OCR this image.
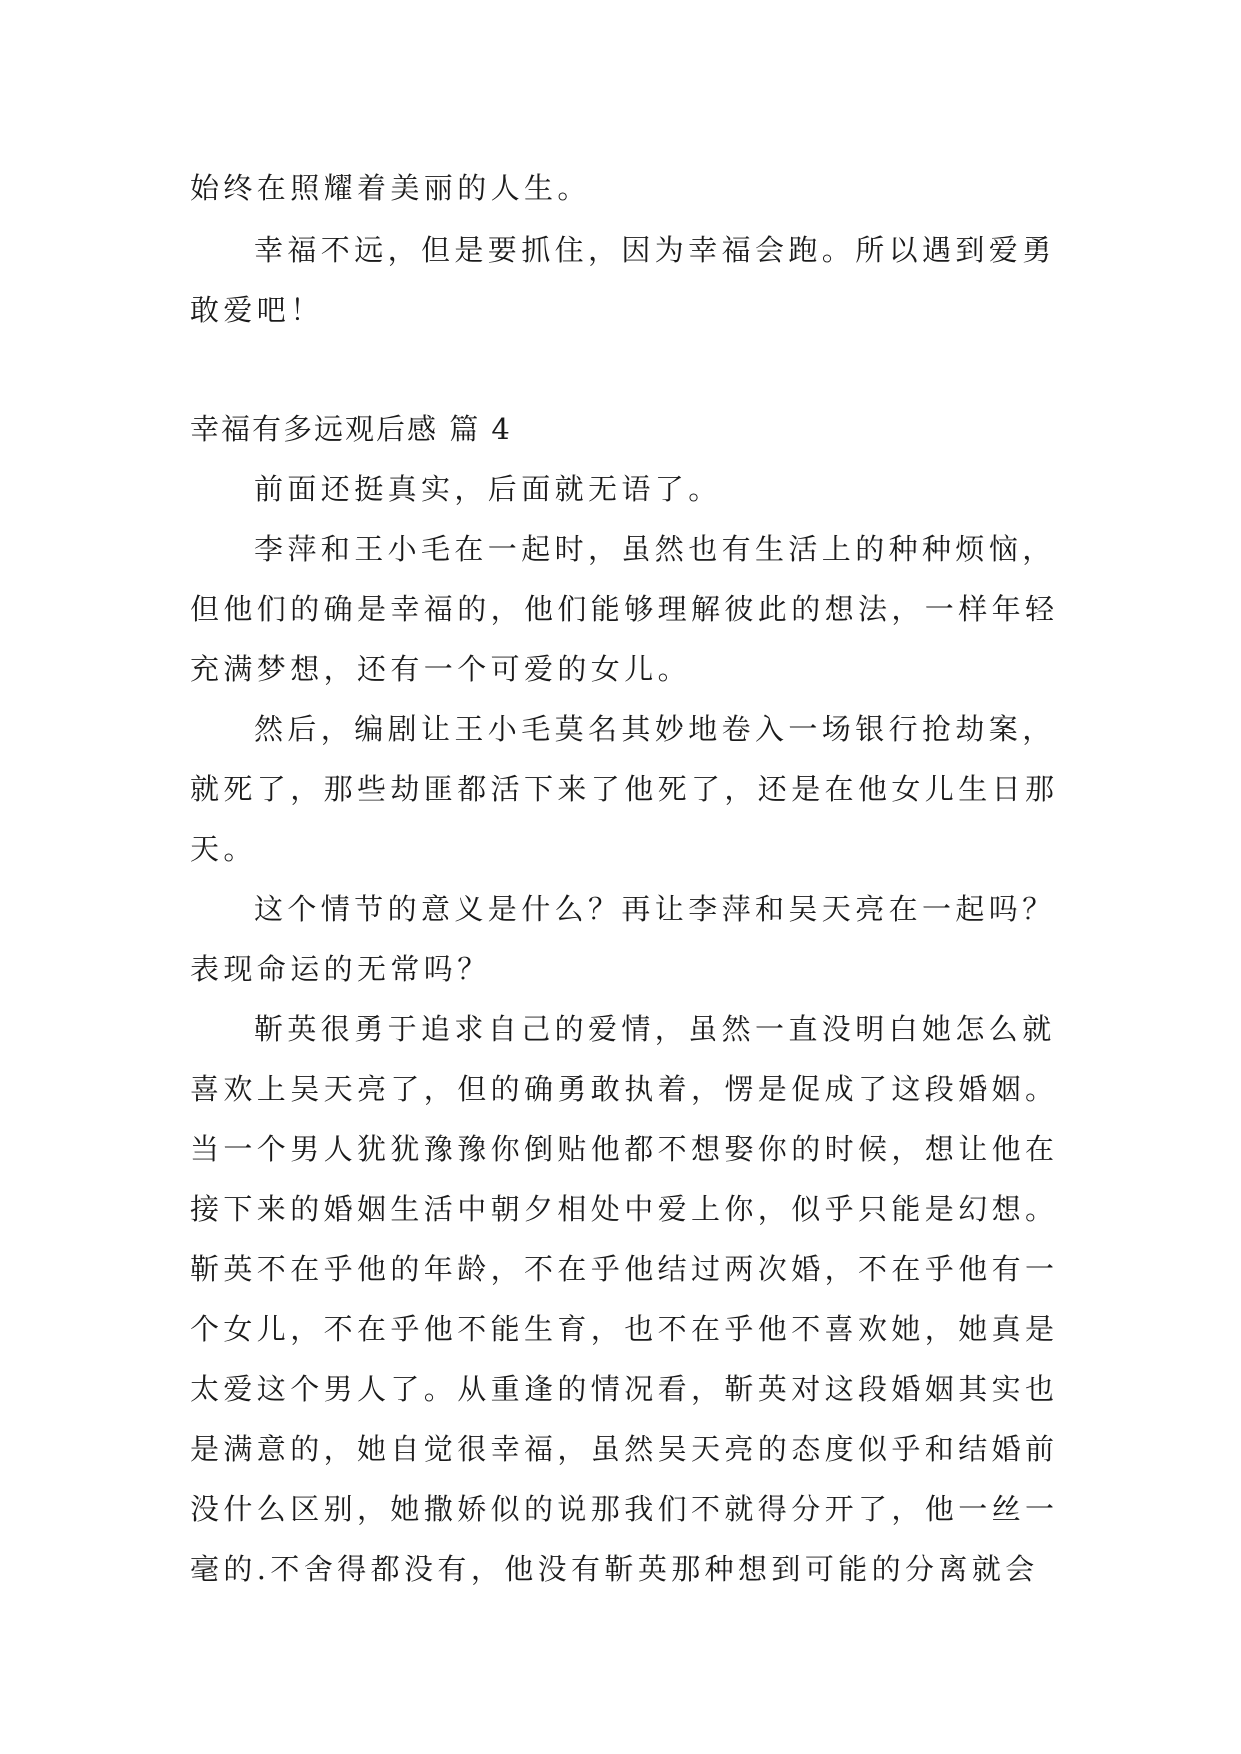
始终在照耀着美丽的人生。
幸福不远，但是要抓住，因为幸福会跑。所以遇到爱勇
敢爱吧！
幸福有多远观后感 篇 4
前面还挺真实，后面就无语了。
李萍和王小毛在一起时，虽然也有生活上的种种烦恼，
但他们的确是幸福的，他们能够理解彼此的想法，一样年轻
充满梦想，还有一个可爱的女儿。
然后，编剧让王小毛莫名其妙地卷入一场银行抢劫案，
就死了，那些劫匪都活下来了他死了，还是在他女儿生日那
天。
这个情节的意义是什么？再让李萍和吴天亮在一起吗？
表现命运的无常吗？
靳英很勇于追求自己的爱情，虽然一直没明白她怎么就
喜欢上吴天亮了，但的确勇敢执着，愣是促成了这段婚姻。
当一个男人犹犹豫豫你倒贴他都不想娶你的时候，想让他在
接下来的婚姻生活中朝夕相处中爱上你，似乎只能是幻想。
靳英不在乎他的年龄，不在乎他结过两次婚，不在乎他有一
个女儿，不在乎他不能生育，也不在乎他不喜欢她，她真是
太爱这个男人了。从重逢的情况看，靳英对这段婚姻其实也
是满意的，她自觉很幸福，虽然吴天亮的态度似乎和结婚前
没什么区别，她撒娇似的说那我们不就得分开了，他一丝一
毫的.不舍得都没有，他没有靳英那种想到可能的分离就会
